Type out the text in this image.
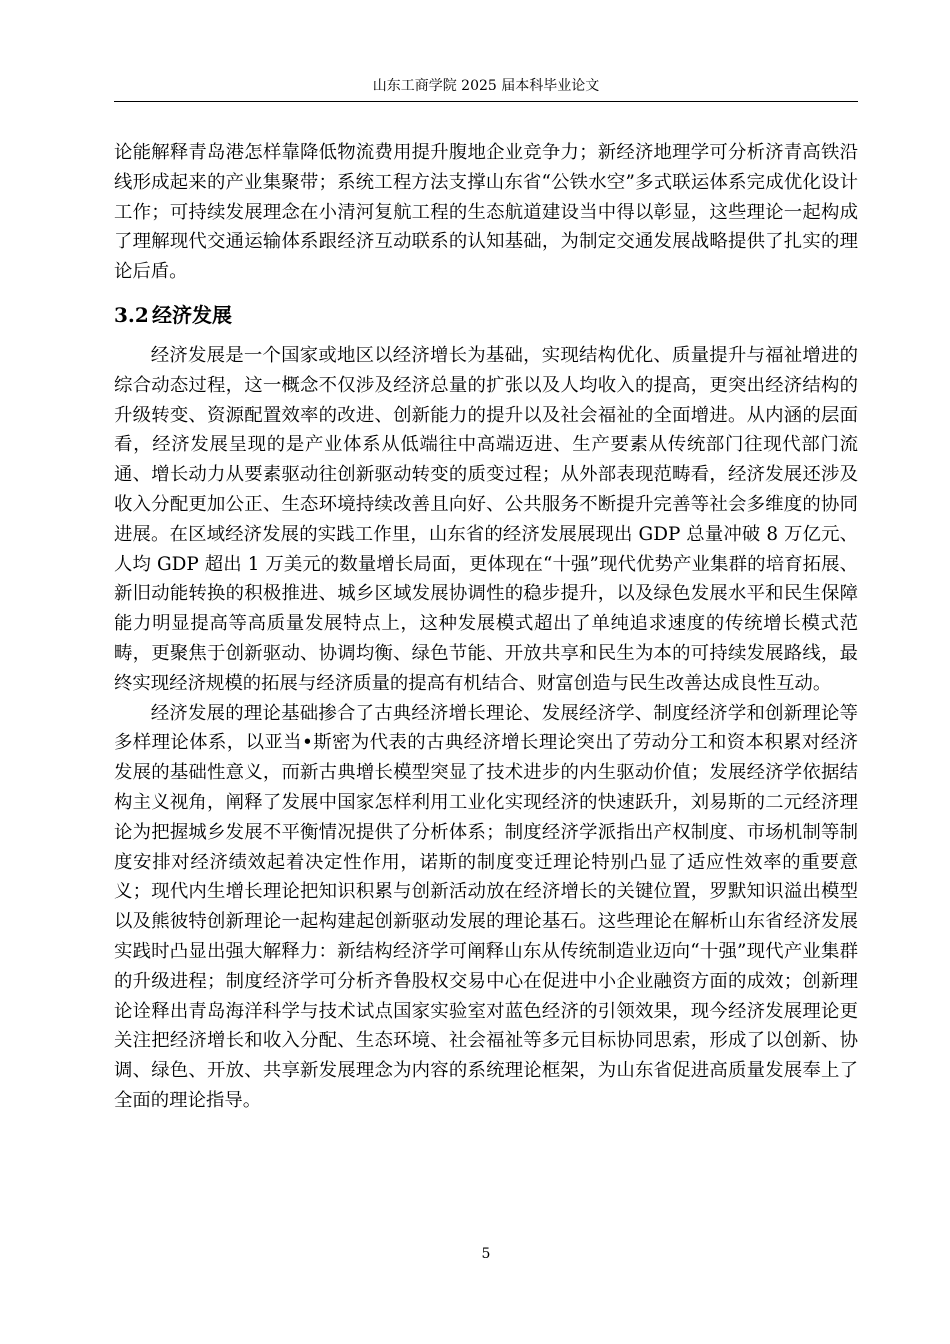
山东工商学院 2025 届本科毕业论文

论能解释青岛港怎样靠降低物流费用提升腹地企业竞争力；新经济地理学可分析济青高铁沿线形成起来的产业集聚带；系统工程方法支撑山东省“公铁水空”多式联运体系完成优化设计工作；可持续发展理念在小清河复航工程的生态航道建设当中得以彰显，这些理论一起构成了理解现代交通运输体系跟经济互动联系的认知基础，为制定交通发展战略提供了扎实的理论后盾。

3.2 经济发展

经济发展是一个国家或地区以经济增长为基础，实现结构优化、质量提升与福祉增进的综合动态过程，这一概念不仅涉及经济总量的扩张以及人均收入的提高，更突出经济结构的升级转变、资源配置效率的改进、创新能力的提升以及社会福祉的全面增进。从内涵的层面看，经济发展呈现的是产业体系从低端往中高端迈进、生产要素从传统部门往现代部门流通、增长动力从要素驱动往创新驱动转变的质变过程；从外部表现范畴看，经济发展还涉及收入分配更加公正、生态环境持续改善且向好、公共服务不断提升完善等社会多维度的协同进展。在区域经济发展的实践工作里，山东省的经济发展展现出 GDP 总量冲破 8 万亿元、人均 GDP 超出 1 万美元的数量增长局面，更体现在“十强”现代优势产业集群的培育拓展、新旧动能转换的积极推进、城乡区域发展协调性的稳步提升，以及绿色发展水平和民生保障能力明显提高等高质量发展特点上，这种发展模式超出了单纯追求速度的传统增长模式范畴，更聚焦于创新驱动、协调均衡、绿色节能、开放共享和民生为本的可持续发展路线，最终实现经济规模的拓展与经济质量的提高有机结合、财富创造与民生改善达成良性互动。

经济发展的理论基础掺合了古典经济增长理论、发展经济学、制度经济学和创新理论等多样理论体系，以亚当•斯密为代表的古典经济增长理论突出了劳动分工和资本积累对经济发展的基础性意义，而新古典增长模型突显了技术进步的内生驱动价值；发展经济学依据结构主义视角，阐释了发展中国家怎样利用工业化实现经济的快速跃升，刘易斯的二元经济理论为把握城乡发展不平衡情况提供了分析体系；制度经济学派指出产权制度、市场机制等制度安排对经济绩效起着决定性作用，诺斯的制度变迁理论特别凸显了适应性效率的重要意义；现代内生增长理论把知识积累与创新活动放在经济增长的关键位置，罗默知识溢出模型以及熊彼特创新理论一起构建起创新驱动发展的理论基石。这些理论在解析山东省经济发展实践时凸显出强大解释力：新结构经济学可阐释山东从传统制造业迈向“十强”现代产业集群的升级进程；制度经济学可分析齐鲁股权交易中心在促进中小企业融资方面的成效；创新理论诠释出青岛海洋科学与技术试点国家实验室对蓝色经济的引领效果，现今经济发展理论更关注把经济增长和收入分配、生态环境、社会福祉等多元目标协同思索，形成了以创新、协调、绿色、开放、共享新发展理念为内容的系统理论框架，为山东省促进高质量发展奉上了全面的理论指导。

5
